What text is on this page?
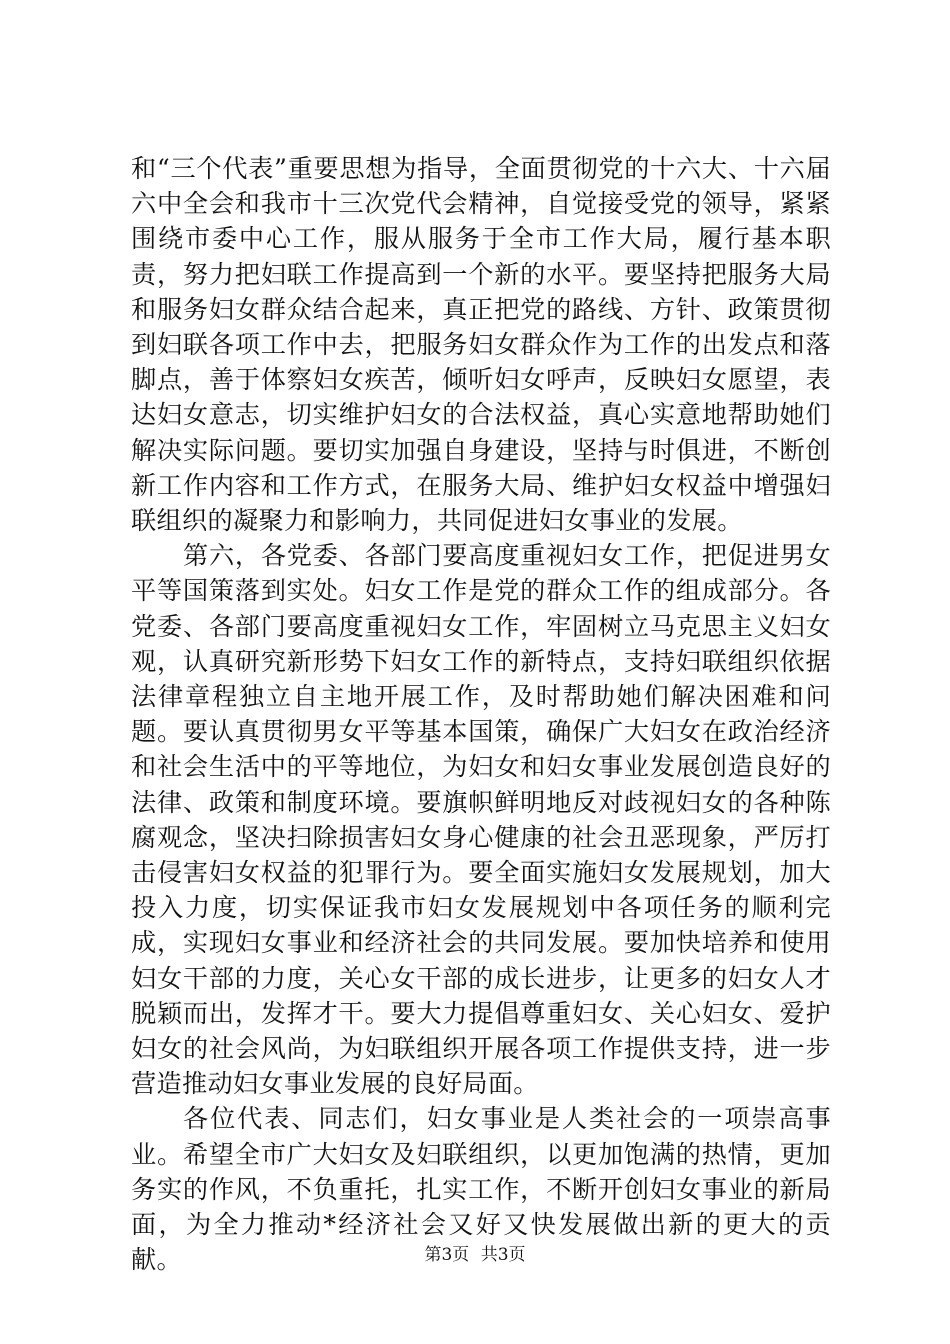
和“三个代表”重要思想为指导，全面贯彻党的十六大、十六届六中全会和我市十三次党代会精神，自觉接受党的领导，紧紧围绕市委中心工作，服从服务于全市工作大局，履行基本职责，努力把妇联工作提高到一个新的水平。要坚持把服务大局和服务妇女群众结合起来，真正把党的路线、方针、政策贯彻到妇联各项工作中去，把服务妇女群众作为工作的出发点和落脚点，善于体察妇女疾苦，倾听妇女呼声，反映妇女愿望，表达妇女意志，切实维护妇女的合法权益，真心实意地帮助她们解决实际问题。要切实加强自身建设，坚持与时俱进，不断创新工作内容和工作方式，在服务大局、维护妇女权益中增强妇联组织的凝聚力和影响力，共同促进妇女事业的发展。

第六，各党委、各部门要高度重视妇女工作，把促进男女平等国策落到实处。妇女工作是党的群众工作的组成部分。各党委、各部门要高度重视妇女工作，牢固树立马克思主义妇女观，认真研究新形势下妇女工作的新特点，支持妇联组织依据法律章程独立自主地开展工作，及时帮助她们解决困难和问题。要认真贯彻男女平等基本国策，确保广大妇女在政治经济和社会生活中的平等地位，为妇女和妇女事业发展创造良好的法律、政策和制度环境。要旗帜鲜明地反对歧视妇女的各种陈腐观念，坚决扫除损害妇女身心健康的社会丑恶现象，严厉打击侵害妇女权益的犯罪行为。要全面实施妇女发展规划，加大投入力度，切实保证我市妇女发展规划中各项任务的顺利完成，实现妇女事业和经济社会的共同发展。要加快培养和使用妇女干部的力度，关心女干部的成长进步，让更多的妇女人才脱颖而出，发挥才干。要大力提倡尊重妇女、关心妇女、爱护妇女的社会风尚，为妇联组织开展各项工作提供支持，进一步营造推动妇女事业发展的良好局面。

各位代表、同志们，妇女事业是人类社会的一项崇高事业。希望全市广大妇女及妇联组织，以更加饱满的热情，更加务实的作风，不负重托，扎实工作，不断开创妇女事业的新局面，为全力推动*经济社会又好又快发展做出新的更大的贡献。	第3页 共3页
